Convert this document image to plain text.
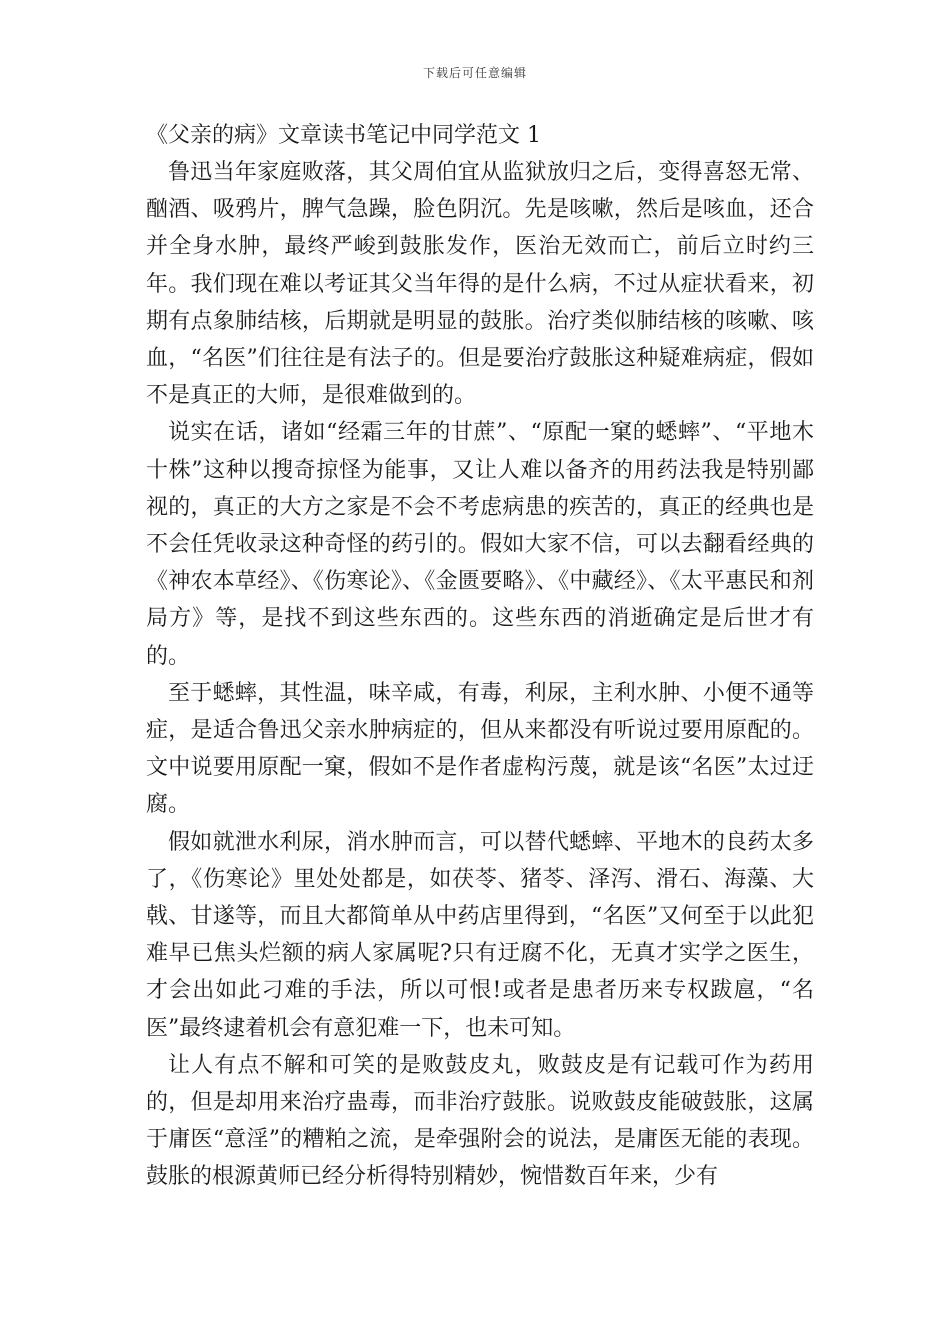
下载后可任意编辑

《父亲的病》文章读书笔记中同学范文 1

鲁迅当年家庭败落，其父周伯宜从监狱放归之后，变得喜怒无常、酗酒、吸鸦片，脾气急躁，脸色阴沉。先是咳嗽，然后是咳血，还合并全身水肿，最终严峻到鼓胀发作，医治无效而亡，前后立时约三年。我们现在难以考证其父当年得的是什么病，不过从症状看来，初期有点象肺结核，后期就是明显的鼓胀。治疗类似肺结核的咳嗽、咳血，“名医”们往往是有法子的。但是要治疗鼓胀这种疑难病症，假如不是真正的大师，是很难做到的。

说实在话，诸如“经霜三年的甘蔗”、“原配一窠的蟋蟀”、“平地木十株”这种以搜奇掠怪为能事，又让人难以备齐的用药法我是特别鄙视的，真正的大方之家是不会不考虑病患的疾苦的，真正的经典也是不会任凭收录这种奇怪的药引的。假如大家不信，可以去翻看经典的《神农本草经》、《伤寒论》、《金匮要略》、《中藏经》、《太平惠民和剂局方》等，是找不到这些东西的。这些东西的消逝确定是后世才有的。

至于蟋蟀，其性温，味辛咸，有毒，利尿，主利水肿、小便不通等症，是适合鲁迅父亲水肿病症的，但从来都没有听说过要用原配的。文中说要用原配一窠，假如不是作者虚构污蔑，就是该“名医”太过迂腐。

假如就泄水利尿，消水肿而言，可以替代蟋蟀、平地木的良药太多了，《伤寒论》里处处都是，如茯苓、猪苓、泽泻、滑石、海藻、大戟、甘遂等，而且大都简单从中药店里得到，“名医”又何至于以此犯难早已焦头烂额的病人家属呢?只有迂腐不化，无真才实学之医生，才会出如此刁难的手法，所以可恨!或者是患者历来专权跋扈，“名医”最终逮着机会有意犯难一下，也未可知。

让人有点不解和可笑的是败鼓皮丸，败鼓皮是有记载可作为药用的，但是却用来治疗蛊毒，而非治疗鼓胀。说败鼓皮能破鼓胀，这属于庸医“意淫”的糟粕之流，是牵强附会的说法，是庸医无能的表现。鼓胀的根源黄师已经分析得特别精妙，惋惜数百年来，少有
